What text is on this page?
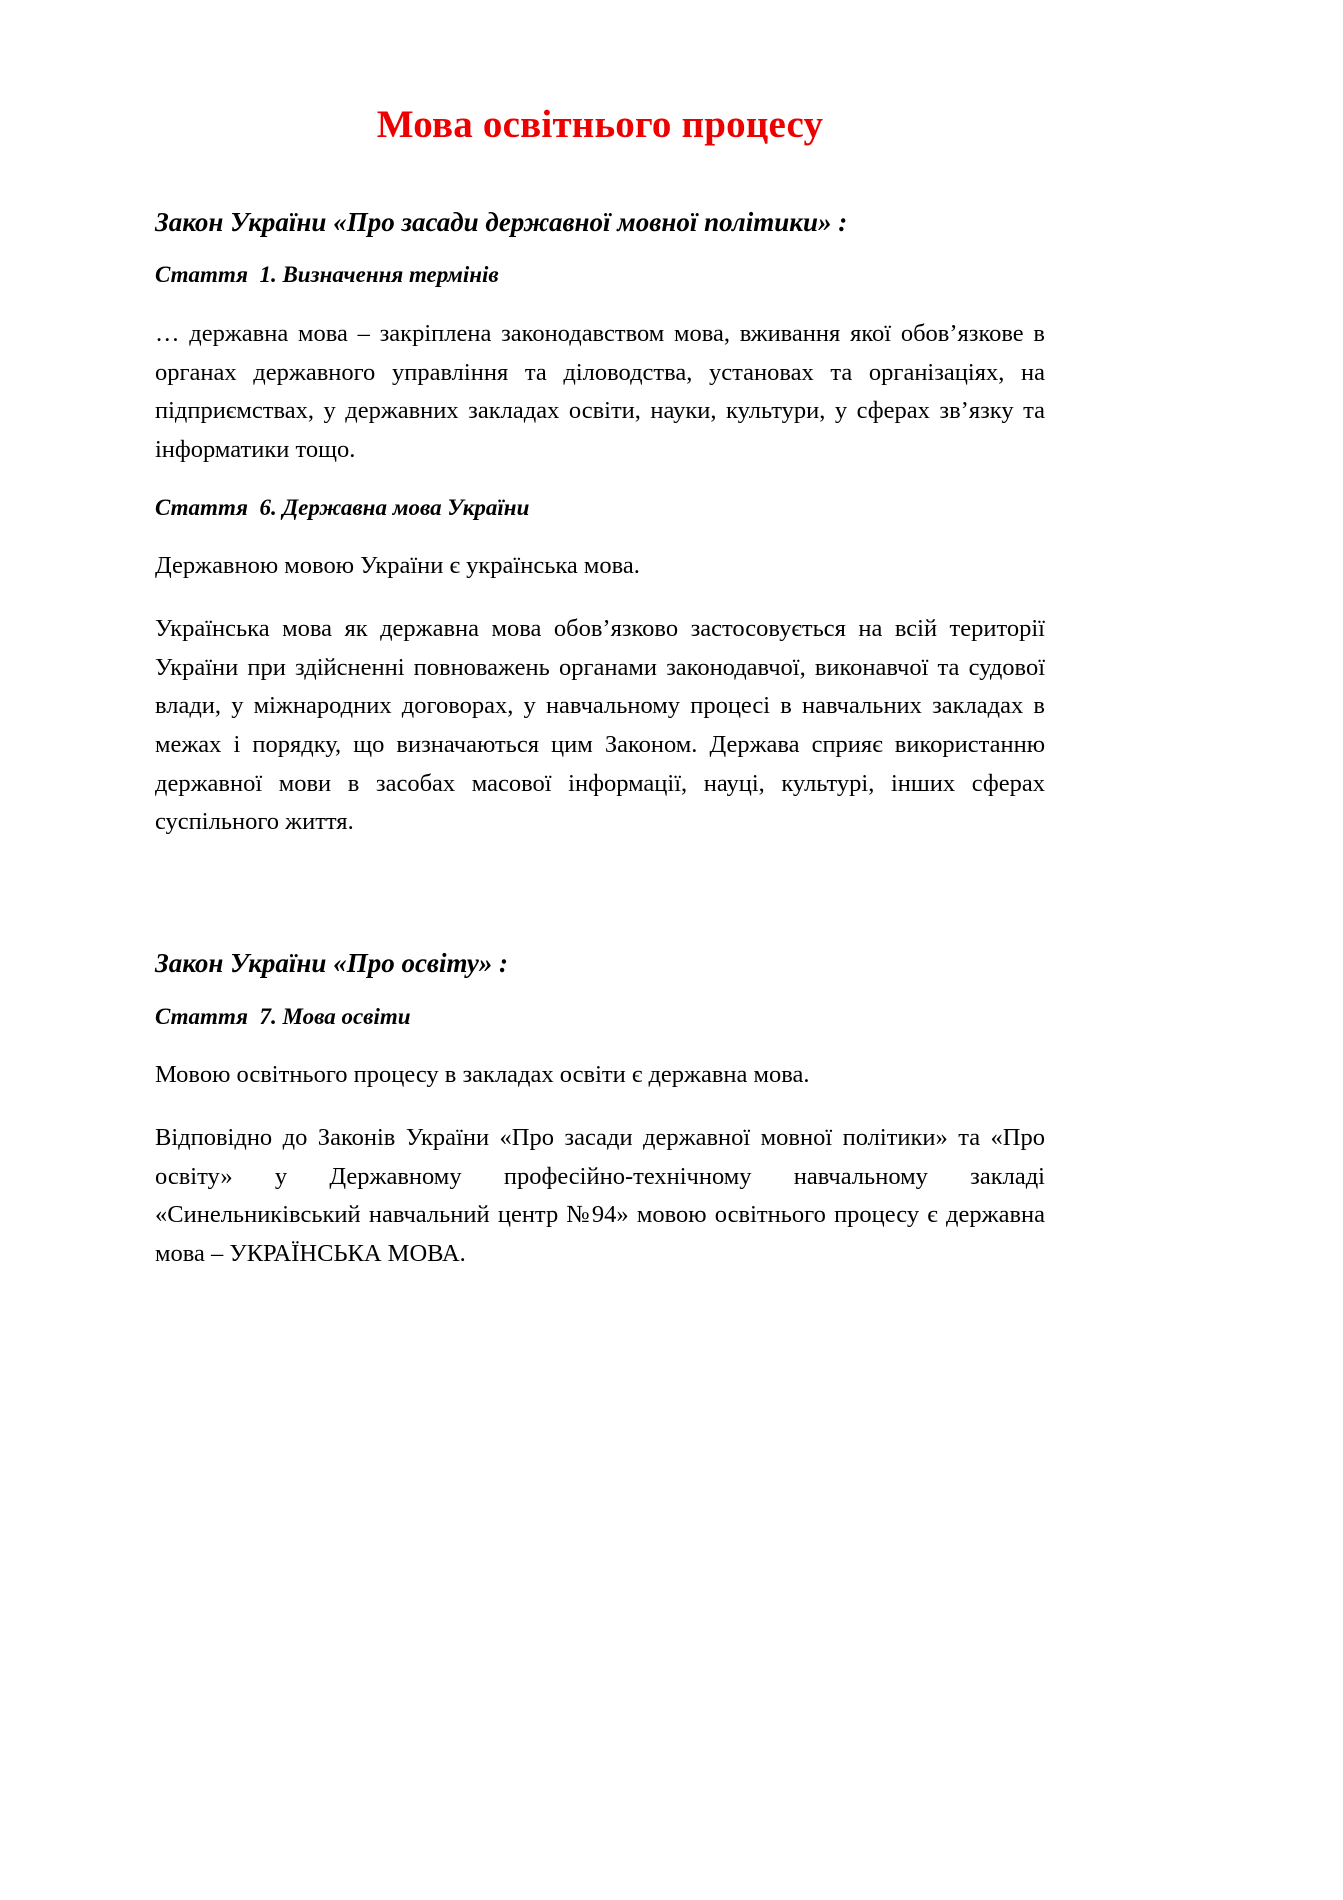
Мова освітнього процесу

Закон України «Про засади державної мовної політики» :

Стаття  1. Визначення термінів

… державна мова – закріплена законодавством мова, вживання якої обов’язкове в органах державного управління та діловодства, установах та організаціях, на підприємствах, у державних закладах освіти, науки, культури, у сферах зв’язку та інформатики тощо.

Стаття  6. Державна мова України

Державною мовою України є українська мова.

Українська мова як державна мова обов’язково застосовується на всій території України при здійсненні повноважень органами законодавчої, виконавчої та судової влади, у міжнародних договорах, у навчальному процесі в навчальних закладах в межах і порядку, що визначаються цим Законом. Держава сприяє використанню державної мови в засобах масової інформації, науці, культурі, інших сферах суспільного життя.

Закон України «Про освіту» :

Стаття  7. Мова освіти

Мовою освітнього процесу в закладах освіти є державна мова.

Відповідно до Законів України «Про засади державної мовної політики» та «Про освіту» у Державному професійно-технічному навчальному закладі «Синельниківський навчальний центр №94» мовою освітнього процесу є державна мова – УКРАЇНСЬКА МОВА.
